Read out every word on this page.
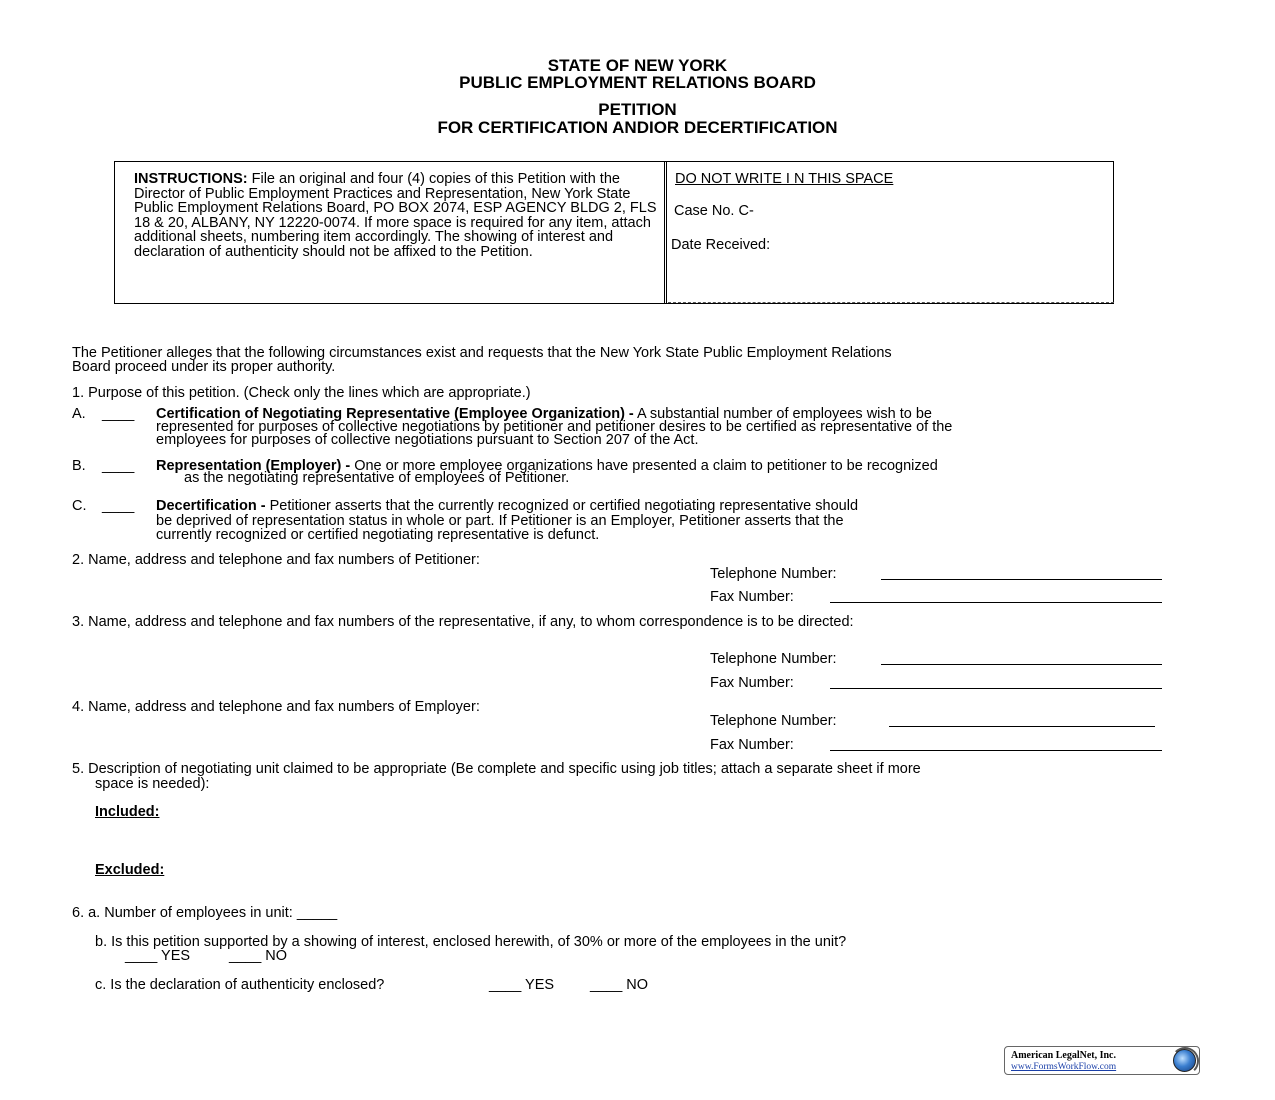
STATE OF NEW YORK
PUBLIC EMPLOYMENT RELATIONS BOARD
PETITION
FOR CERTIFICATION ANDIOR DECERTIFICATION
INSTRUCTIONS: File an original and four (4) copies of this Petition with the Director of Public Employment Practices and Representation, New York State Public Employment Relations Board, PO BOX 2074, ESP AGENCY BLDG 2, FLS 18 & 20, ALBANY, NY 12220-0074. If more space is required for any item, attach additional sheets, numbering item accordingly. The showing of interest and declaration of authenticity should not be affixed to the Petition.
DO NOT WRITE I N THIS SPACE
Case No. C-
Date Received:
The Petitioner alleges that the following circumstances exist and requests that the New York State Public Employment Relations
Board proceed under its proper authority.
1. Purpose of this petition. (Check only the lines which are appropriate.)
A. ____ Certification of Negotiating Representative (Employee Organization) - A substantial number of employees wish to be
represented for purposes of collective negotiations by petitioner and petitioner desires to be certified as representative of the
employees for purposes of collective negotiations pursuant to Section 207 of the Act.
B. ____ Representation (Employer) - One or more employee organizations have presented a claim to petitioner to be recognized
as the negotiating representative of employees of Petitioner.
C. ____ Decertification - Petitioner asserts that the currently recognized or certified negotiating representative should
be deprived of representation status in whole or part. If Petitioner is an Employer, Petitioner asserts that the
currently recognized or certified negotiating representative is defunct.
2. Name, address and telephone and fax numbers of Petitioner:
Telephone Number:
Fax Number:
3. Name, address and telephone and fax numbers of the representative, if any, to whom correspondence is to be directed:
Telephone Number:
Fax Number:
4. Name, address and telephone and fax numbers of Employer:
Telephone Number:
Fax Number:
5. Description of negotiating unit claimed to be appropriate (Be complete and specific using job titles; attach a separate sheet if more
space is needed):
Included:
Excluded:
6. a. Number of employees in unit: _____
b. Is this petition supported by a showing of interest, enclosed herewith, of 30% or more of the employees in the unit?
____ YES	____ NO
c. Is the declaration of authenticity enclosed?	____ YES ____ NO
American LegalNet, Inc.
www.FormsWorkFlow.com
